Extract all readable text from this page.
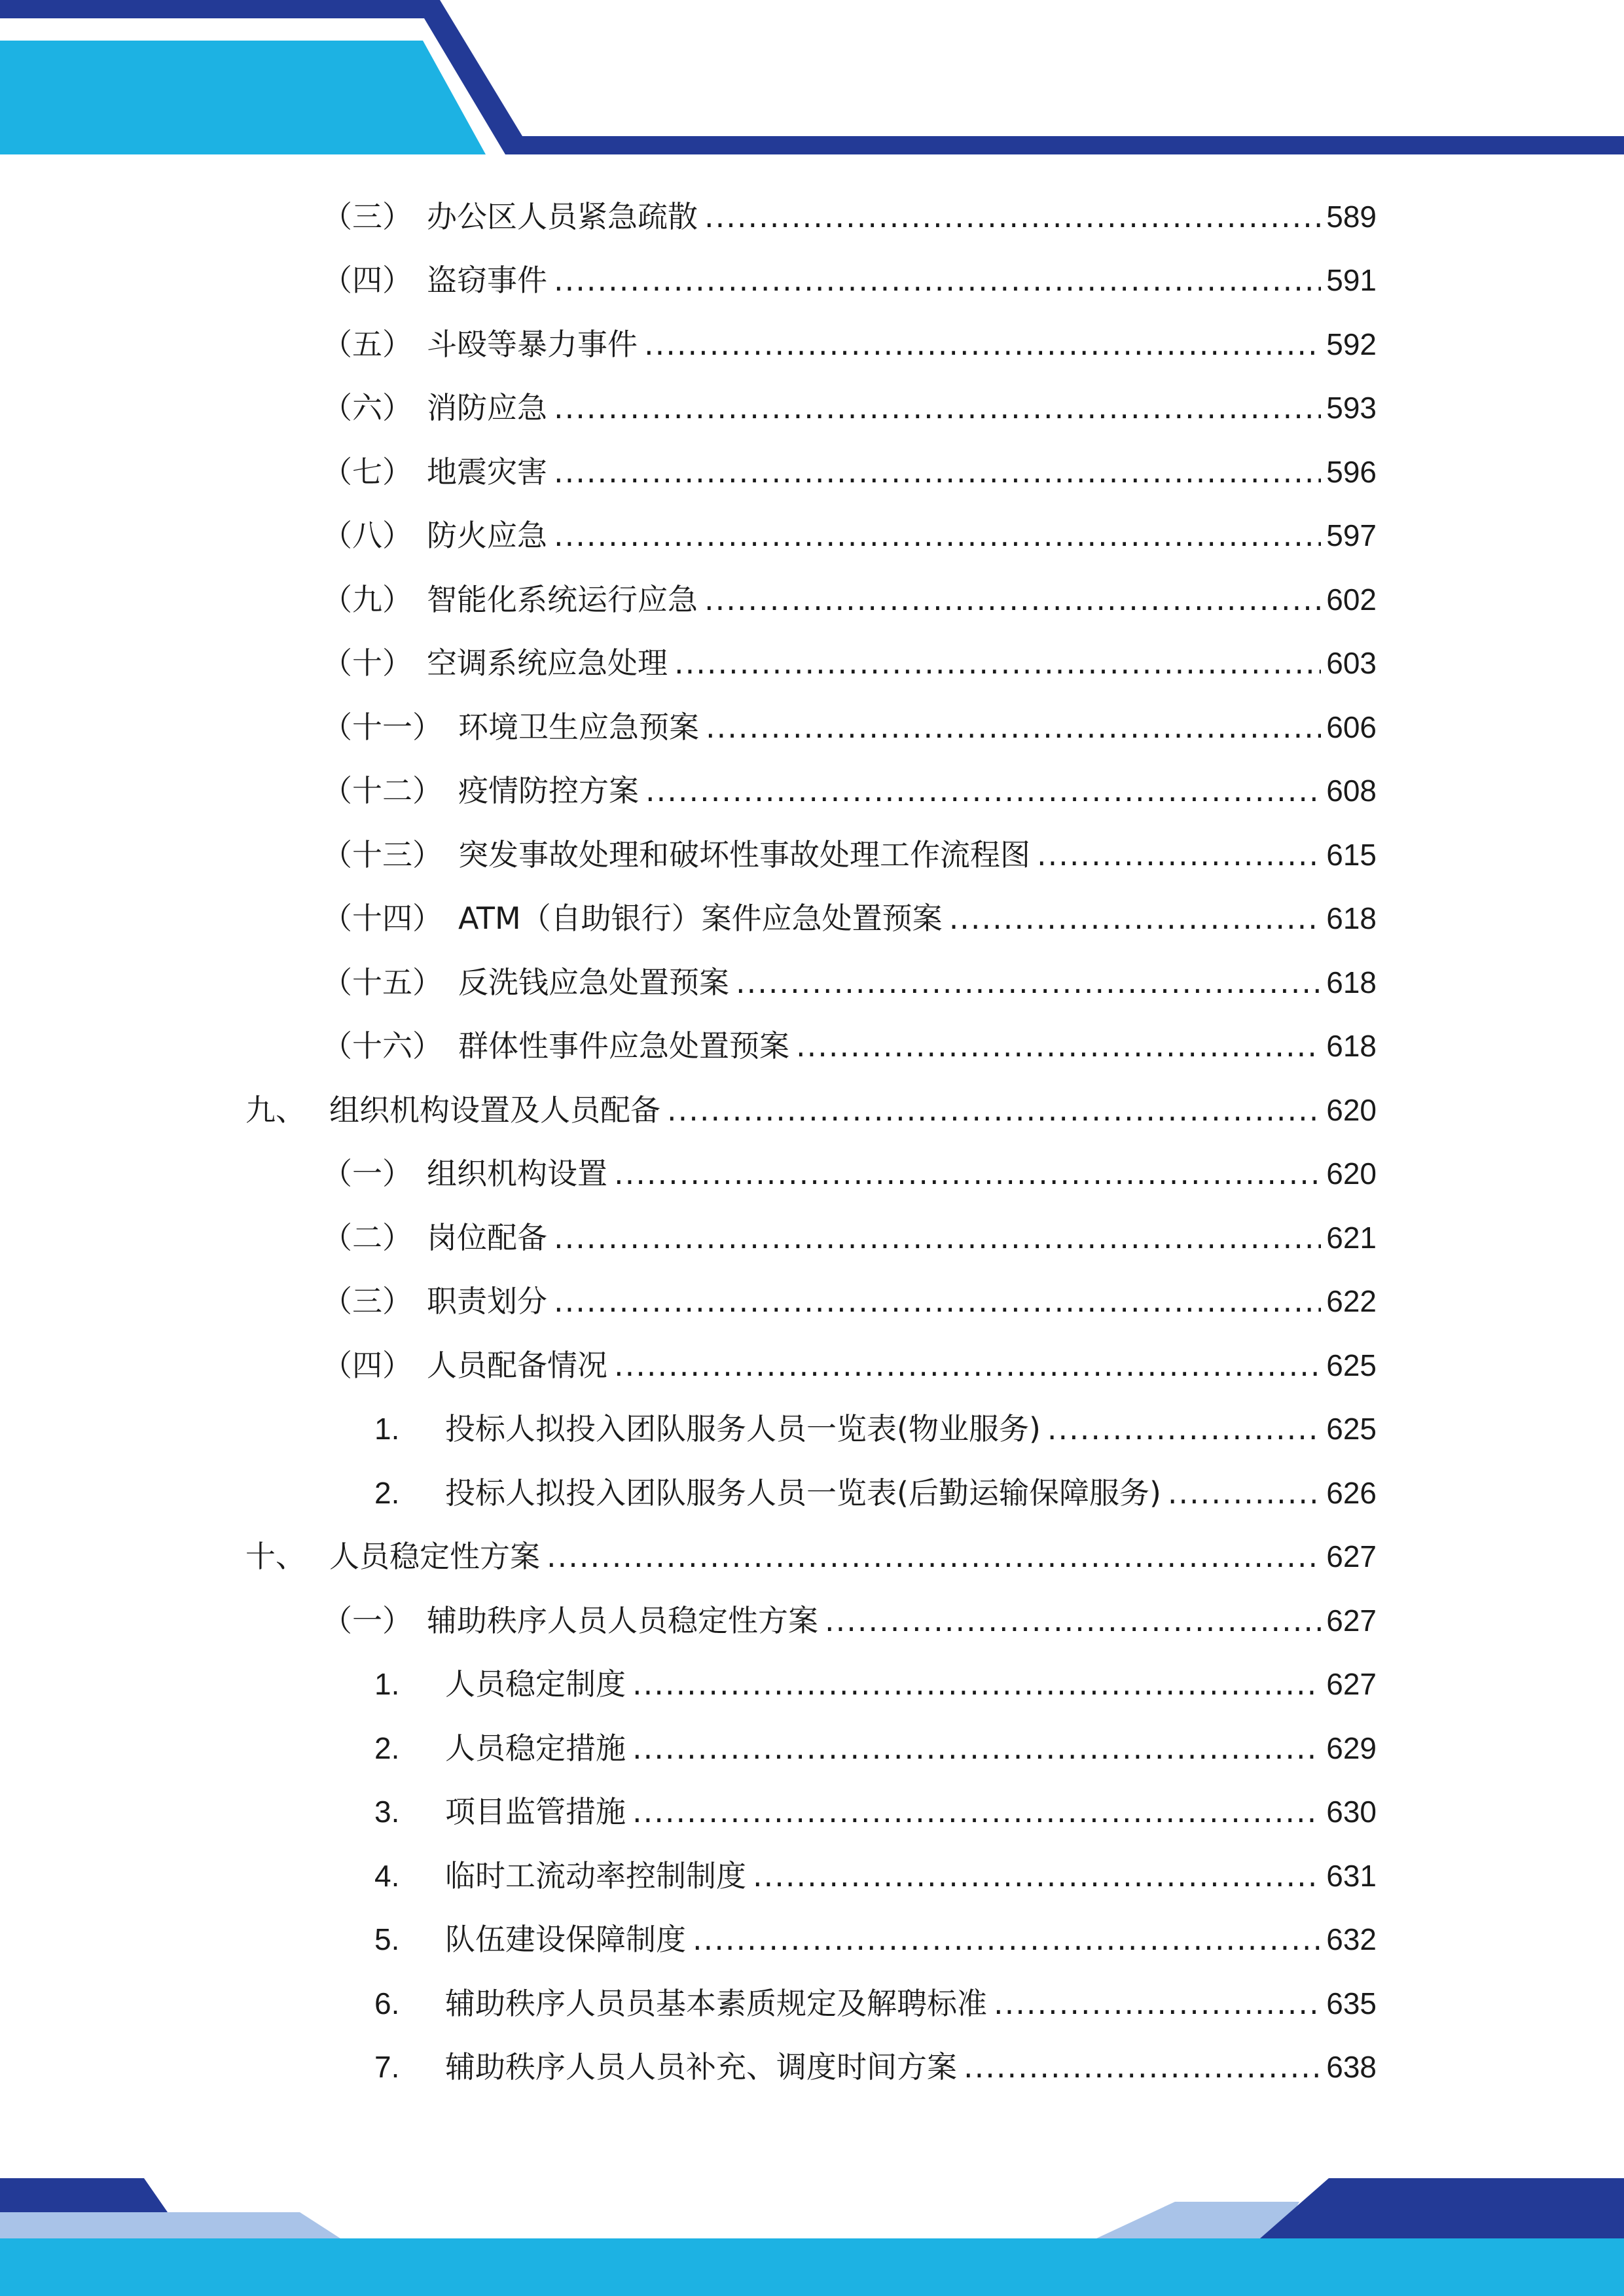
（三） 办公区人员紧急疏散 .....	589
（四） 盗窃事件 .....	591
（五） 斗殴等暴力事件 .....	592
（六） 消防应急 .....	593
（七） 地震灾害 .....	596
（八） 防火应急 .....	597
（九） 智能化系统运行应急 .....	602
（十） 空调系统应急处理 .....	603
（十一） 环境卫生应急预案 .....	606
（十二） 疫情防控方案 .....	608
（十三） 突发事故处理和破坏性事故处理工作流程图 .....	615
（十四） ATM（自助银行）案件应急处置预案 .....	618
（十五） 反洗钱应急处置预案 .....	618
（十六） 群体性事件应急处置预案 .....	618
九、 组织机构设置及人员配备 .....	620
（一） 组织机构设置 .....	620
（二） 岗位配备 .....	621
（三） 职责划分 .....	622
（四） 人员配备情况 .....	625
1.	投标人拟投入团队服务人员一览表(物业服务) .....	625
2.	投标人拟投入团队服务人员一览表(后勤运输保障服务) .....	626
十、 人员稳定性方案 .....	627
（一） 辅助秩序人员人员稳定性方案 .....	627
1.	人员稳定制度 .....	627
2.	人员稳定措施 .....	629
3.	项目监管措施 .....	630
4.	临时工流动率控制制度 .....	631
5.	队伍建设保障制度 .....	632
6.	辅助秩序人员员基本素质规定及解聘标准 .....	635
7.	辅助秩序人员人员补充、调度时间方案 .....	638
